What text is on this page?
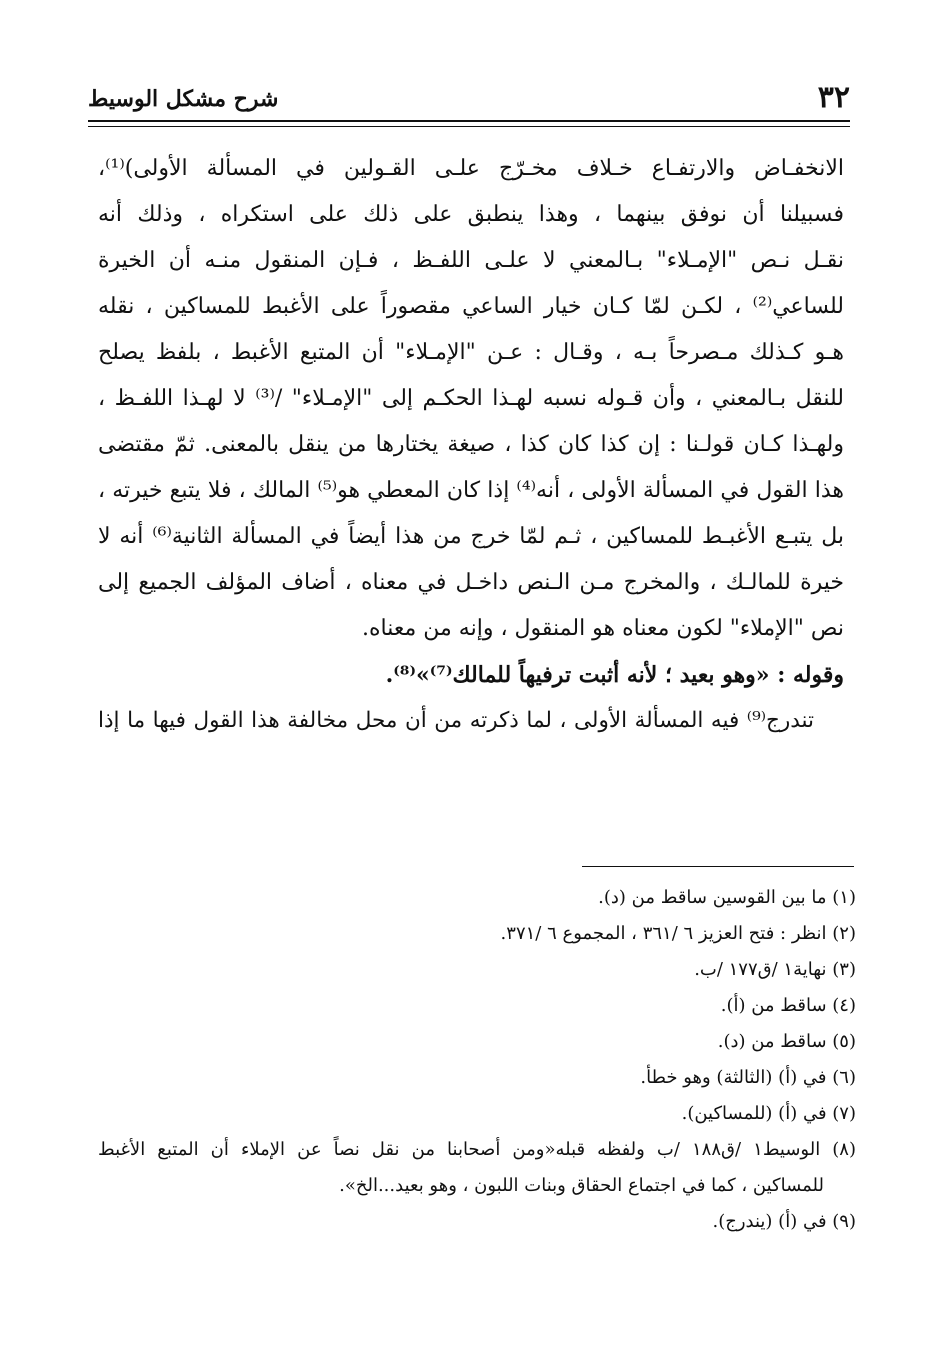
٣٢
شرح مشكل الوسيط
الانخفـاض والارتفـاع خـلاف مخـرّج علـى القـولين في المسألة الأولى)⁽¹⁾،
فسبيلنا أن نوفق بينهما ، وهذا ينطبق على ذلك على استكراه ، وذلك أنه
نقـل نـص "الإمـلاء" بـالمعني لا علـى اللفـظ ، فـإن المنقول منـه أن الخيرة
للساعي⁽²⁾ ، لكـن لمّا كـان خيار الساعي مقصوراً على الأغبط للمساكين ، نقله
هـو كـذلك مـصرحاً بـه ، وقـال : عـن "الإمـلاء" أن المتبع الأغبط ، بلفظ يصلح
للنقل بـالمعني ، وأن قـوله نسبه لهـذا الحكـم إلى "الإمـلاء" /⁽³⁾ لا لهـذا اللفـظ ،
ولهـذا كـان قولـنا : إن كذا كان كذا ، صيغة يختارها من ينقل بالمعنى. ثمّ مقتضى
هذا القول في المسألة الأولى ، أنه⁽⁴⁾ إذا كان المعطي هو⁽⁵⁾ المالك ، فلا يتبع خيرته ،
بل يتبـع الأغبـط للمساكين ، ثـم لمّا خرج من هذا أيضاً في المسألة الثانية⁽⁶⁾ أنه لا
خيرة للمالـك ، والمخرج مـن الـنص داخـل في معناه ، أضاف المؤلف الجميع إلى
نص "الإملاء" لكون معناه هو المنقول ، وإنه من معناه.
وقوله : «وهو بعيد ؛ لأنه أثبت ترفيهاً للمالك⁽⁷⁾»⁽⁸⁾.
تندرج⁽⁹⁾ فيه المسألة الأولى ، لما ذكرته من أن محل مخالفة هذا القول فيها ما إذا
(١) ما بين القوسين ساقط من (د).
(٢) انظر : فتح العزيز ٦ /٣٦١ ، المجموع ٦ /٣٧١.
(٣) نهاية١ /ق١٧٧ /ب.
(٤) ساقط من (أ).
(٥) ساقط من (د).
(٦) في (أ) (الثالثة) وهو خطأ.
(٧) في (أ) (للمساكين).
(٨) الوسيط١ /ق١٨٨ /ب ولفظه قبله«ومن أصحابنا من نقل نصاً عن الإملاء أن المتبع الأغبط
للمساكين ، كما في اجتماع الحقاق وبنات اللبون ، وهو بعيد...الخ».
(٩) في (أ) (يندرج).
